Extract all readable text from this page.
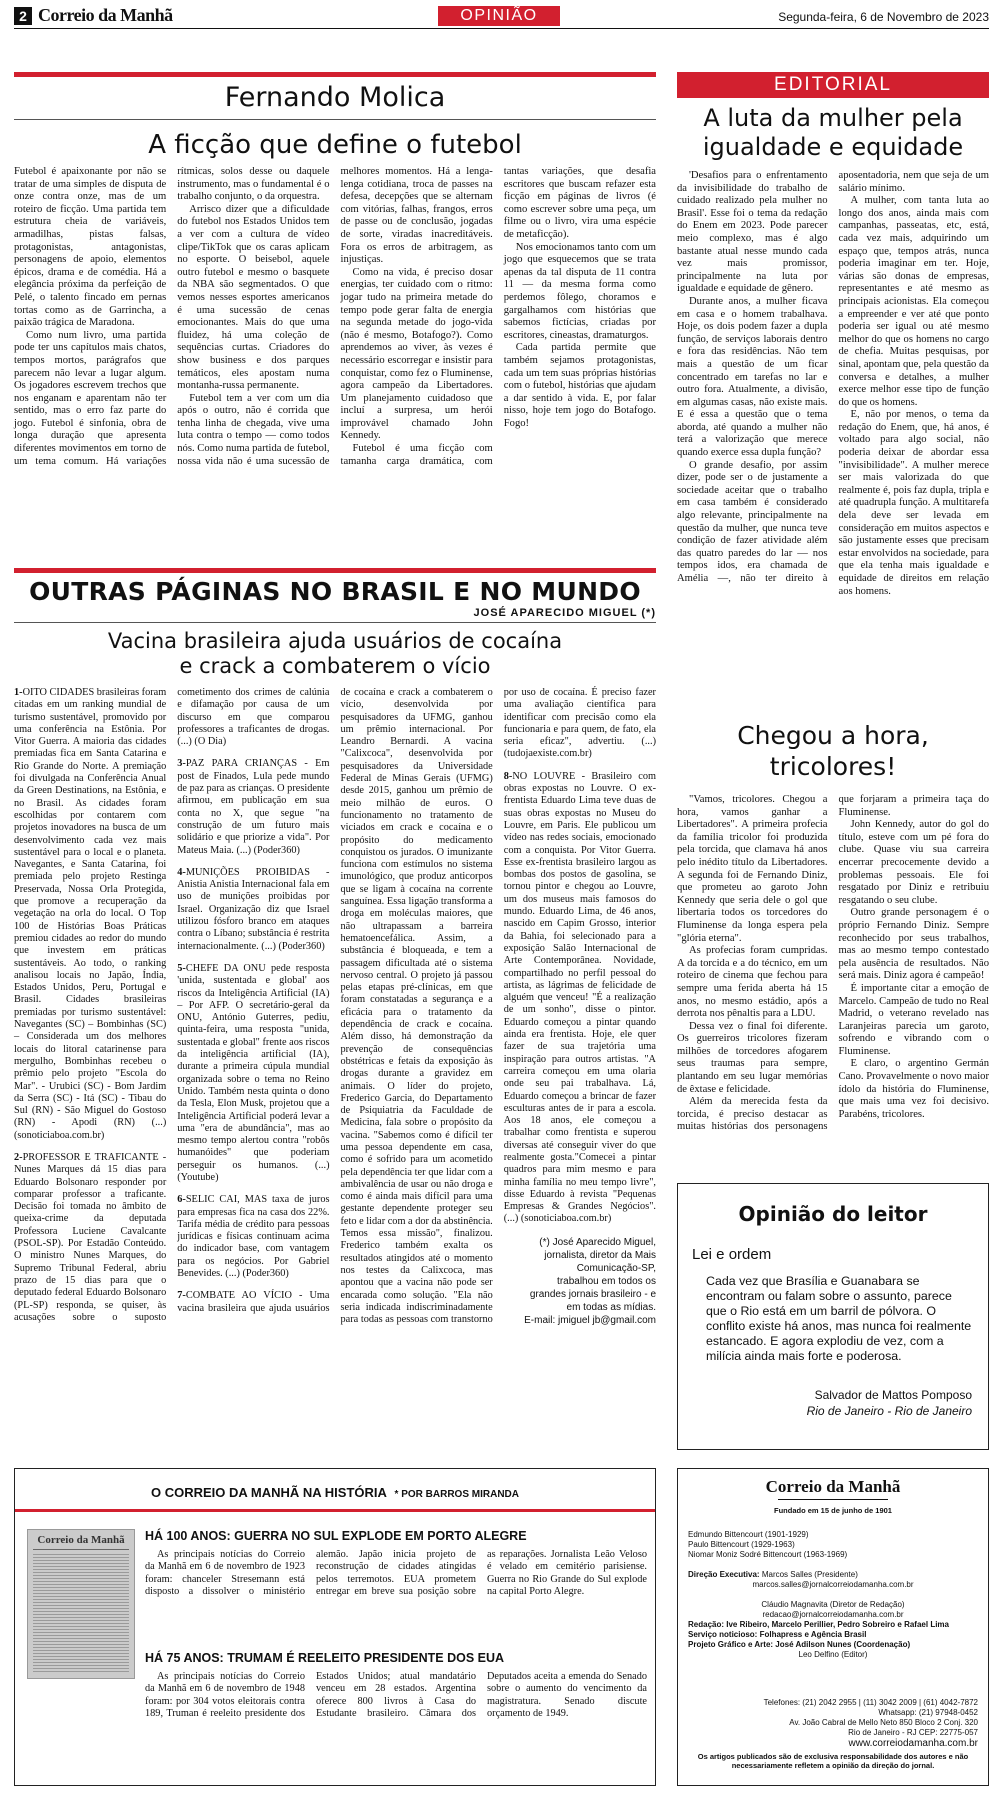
2 Correio da Manhã	OPINIÃO	Segunda-feira, 6 de Novembro de 2023
Fernando Molica
A ficção que define o futebol

Futebol é apaixonante por não se tratar de uma simples de disputa de onze contra onze, mas de um roteiro de ficção. Uma partida tem estrutura cheia de variáveis, armadilhas, pistas falsas, protagonistas, antagonistas, personagens de apoio, elementos épicos, drama e de comédia. Há a elegância próxima da perfeição de Pelé, o talento fincado em pernas tortas como as de Garrincha, a paixão trágica de Maradona.

Como num livro, uma partida pode ter uns capítulos mais chatos, tempos mortos, parágrafos que parecem não levar a lugar algum. Os jogadores escrevem trechos que nos enganam e aparentam não ter sentido, mas o erro faz parte do jogo. Futebol é sinfonia, obra de longa duração que apresenta diferentes movimentos em torno de um tema comum. Há variações rítmicas, solos desse ou daquele instrumento, mas o fundamental é o trabalho conjunto, o da orquestra.

Arrisco dizer que a dificuldade do futebol nos Estados Unidos tem a ver com a cultura de vídeo clipe/TikTok que os caras aplicam no esporte. O beisebol, aquele outro futebol e mesmo o basquete da NBA são segmentados. O que vemos nesses esportes americanos é uma sucessão de cenas emocionantes. Mais do que uma fluidez, há uma coleção de sequências curtas. Criadores do show business e dos parques temáticos, eles apostam numa montanha-russa permanente.

Futebol tem a ver com um dia após o outro, não é corrida que tenha linha de chegada, vive uma luta contra o tempo — como todos nós. Como numa partida de futebol, nossa vida não é uma sucessão de melhores momentos. Há a lenga-lenga cotidiana, troca de passes na defesa, decepções que se alternam com vitórias, falhas, frangos, erros de passe ou de conclusão, jogadas de sorte, viradas inacreditáveis. Fora os erros de arbitragem, as injustiças.

Como na vida, é preciso dosar energias, ter cuidado com o ritmo: jogar tudo na primeira metade do tempo pode gerar falta de energia na segunda metade do jogo-vida (não é mesmo, Botafogo?). Como aprendemos ao viver, às vezes é necessário escorregar e insistir para conquistar, como fez o Fluminense, agora campeão da Libertadores. Um planejamento cuidadoso que incluí a surpresa, um herói improvável chamado John Kennedy.

Futebol é uma ficção com tamanha carga dramática, com tantas variações, que desafia escritores que buscam refazer esta ficção em páginas de livros (é como escrever sobre uma peça, um filme ou o livro, vira uma espécie de metaficção).

Nos emocionamos tanto com um jogo que esquecemos que se trata apenas da tal disputa de 11 contra 11 — da mesma forma como perdemos fôlego, choramos e gargalhamos com histórias que sabemos fictícias, criadas por escritores, cineastas, dramaturgos.

Cada partida permite que também sejamos protagonistas, cada um tem suas próprias histórias com o futebol, histórias que ajudam a dar sentido à vida. E, por falar nisso, hoje tem jogo do Botafogo. Fogo!

EDITORIAL
A luta da mulher pela igualdade e equidade

'Desafios para o enfrentamento da invisibilidade do trabalho de cuidado realizado pela mulher no Brasil'. Esse foi o tema da redação do Enem em 2023. Pode parecer meio complexo, mas é algo bastante atual nesse mundo cada vez mais promissor, principalmente na luta por igualdade e equidade de gênero.

Durante anos, a mulher ficava em casa e o homem trabalhava. Hoje, os dois podem fazer a dupla função, de serviços laborais dentro e fora das residências. Não tem mais a questão de um ficar concentrado em tarefas no lar e outro fora. Atualmente, a divisão, em algumas casas, não existe mais. E é essa a questão que o tema aborda, até quando a mulher não terá a valorização que merece quando exerce essa dupla função?

O grande desafio, por assim dizer, pode ser o de justamente a sociedade aceitar que o trabalho em casa também é considerado algo relevante, principalmente na questão da mulher, que nunca teve condição de fazer atividade além das quatro paredes do lar — nos tempos idos, era chamada de Amélia —, não ter direito à aposentadoria, nem que seja de um salário mínimo.

A mulher, com tanta luta ao longo dos anos, ainda mais com campanhas, passeatas, etc, está, cada vez mais, adquirindo um espaço que, tempos atrás, nunca poderia imaginar em ter. Hoje, várias são donas de empresas, representantes e até mesmo as principais acionistas. Ela começou a empreender e ver até que ponto poderia ser igual ou até mesmo melhor do que os homens no cargo de chefia. Muitas pesquisas, por sinal, apontam que, pela questão da conversa e detalhes, a mulher exerce melhor esse tipo de função do que os homens.

E, não por menos, o tema da redação do Enem, que, há anos, é voltado para algo social, não poderia deixar de abordar essa "invisibilidade". A mulher merece ser mais valorizada do que realmente é, pois faz dupla, tripla e até quadrupla função. A multitarefa dela deve ser levada em consideração em muitos aspectos e são justamente esses que precisam estar envolvidos na sociedade, para que ela tenha mais igualdade e equidade de direitos em relação aos homens.

OUTRAS PÁGINAS NO BRASIL E NO MUNDO
JOSÉ APARECIDO MIGUEL (*)
Vacina brasileira ajuda usuários de cocaína
e crack a combaterem o vício

1-OITO CIDADES brasileiras foram citadas em um ranking mundial de turismo sustentável, promovido por uma conferência na Estônia. Por Vitor Guerra. A maioria das cidades premiadas fica em Santa Catarina e Rio Grande do Norte. A premiação foi divulgada na Conferência Anual da Green Destinations, na Estônia, e no Brasil. As cidades foram escolhidas por contarem com projetos inovadores na busca de um desenvolvimento cada vez mais sustentável para o local e o planeta. Navegantes, e Santa Catarina, foi premiada pelo projeto Restinga Preservada, Nossa Orla Protegida, que promove a recuperação da vegetação na orla do local. O Top 100 de Histórias Boas Práticas premiou cidades ao redor do mundo que investem em práticas sustentáveis. Ao todo, o ranking analisou locais no Japão, Índia, Estados Unidos, Peru, Portugal e Brasil. Cidades brasileiras premiadas por turismo sustentável: Navegantes (SC) – Bombinhas (SC) – Considerada um dos melhores locais do litoral catarinense para mergulho, Bombinhas recebeu o prêmio pelo projeto "Escola do Mar". - Urubici (SC) - Bom Jardim da Serra (SC) - Itá (SC) - Tibau do Sul (RN) - São Miguel do Gostoso (RN) - Apodi (RN) (...) (sonoticiaboa.com.br)

2-PROFESSOR E TRAFICANTE - Nunes Marques dá 15 dias para Eduardo Bolsonaro responder por comparar professor a traficante. Decisão foi tomada no âmbito de queixa-crime da deputada Professora Luciene Cavalcante (PSOL-SP). Por Estadão Conteúdo. O ministro Nunes Marques, do Supremo Tribunal Federal, abriu prazo de 15 dias para que o deputado federal Eduardo Bolsonaro (PL-SP) responda, se quiser, às acusações sobre o suposto cometimento dos crimes de calúnia e difamação por causa de um discurso em que comparou professores a traficantes de drogas. (...) (O Dia)

3-PAZ PARA CRIANÇAS - Em post de Finados, Lula pede mundo de paz para as crianças. O presidente afirmou, em publicação em sua conta no X, que segue "na construção de um futuro mais solidário e que priorize a vida". Por Mateus Maia. (...) (Poder360)

4-MUNIÇÕES PROIBIDAS - Anistia Anistia Internacional fala em uso de munições proibidas por Israel. Organização diz que Israel utilizou fósforo branco em ataques contra o Líbano; substância é restrita internacionalmente. (...) (Poder360)

5-CHEFE DA ONU pede resposta 'unida, sustentada e global' aos riscos da Inteligência Artificial (IA) – Por AFP. O secretário-geral da ONU, António Guterres, pediu, quinta-feira, uma resposta "unida, sustentada e global" frente aos riscos da inteligência artificial (IA), durante a primeira cúpula mundial organizada sobre o tema no Reino Unido. Também nesta quinta o dono da Tesla, Elon Musk, projetou que a Inteligência Artificial poderá levar a uma "era de abundância", mas ao mesmo tempo alertou contra "robôs humanóides" que poderiam perseguir os humanos. (...) (Youtube)

6-SELIC CAI, MAS taxa de juros para empresas fica na casa dos 22%. Tarifa média de crédito para pessoas jurídicas e físicas continuam acima do indicador base, com vantagem para os negócios. Por Gabriel Benevides. (...) (Poder360)

7-COMBATE AO VÍCIO - Uma vacina brasileira que ajuda usuários de cocaína e crack a combaterem o vício, desenvolvida por pesquisadores da UFMG, ganhou um prêmio internacional. Por Leandro Bernardi. A vacina "Calixcoca", desenvolvida por pesquisadores da Universidade Federal de Minas Gerais (UFMG) desde 2015, ganhou um prêmio de meio milhão de euros. O funcionamento no tratamento de viciados em crack e cocaína e o propósito do medicamento conquistou os jurados. O imunizante funciona com estímulos no sistema imunológico, que produz anticorpos que se ligam à cocaína na corrente sanguínea. Essa ligação transforma a droga em moléculas maiores, que não ultrapassam a barreira hematoencefálica. Assim, a substância é bloqueada, e tem a passagem dificultada até o sistema nervoso central. O projeto já passou pelas etapas pré-clínicas, em que foram constatadas a segurança e a eficácia para o tratamento da dependência de crack e cocaína. Além disso, há demonstração da prevenção de consequências obstétricas e fetais da exposição às drogas durante a gravidez em animais. O líder do projeto, Frederico Garcia, do Departamento de Psiquiatria da Faculdade de Medicina, fala sobre o propósito da vacina. "Sabemos como é difícil ter uma pessoa dependente em casa, como é sofrido para um acometido pela dependência ter que lidar com a ambivalência de usar ou não droga e como é ainda mais difícil para uma gestante dependente proteger seu feto e lidar com a dor da abstinência. Temos essa missão", finalizou. Frederico também exalta os resultados atingidos até o momento nos testes da Calixcoca, mas apontou que a vacina não pode ser encarada como solução. "Ela não seria indicada indiscriminadamente para todas as pessoas com transtorno por uso de cocaína. É preciso fazer uma avaliação científica para identificar com precisão como ela funcionaria e para quem, de fato, ela seria eficaz", advertiu. (...) (tudojaexiste.com.br)

8-NO LOUVRE - Brasileiro com obras expostas no Louvre. O ex-frentista Eduardo Lima teve duas de suas obras expostas no Museu do Louvre, em Paris. Ele publicou um vídeo nas redes sociais, emocionado com a conquista. Por Vitor Guerra. Esse ex-frentista brasileiro largou as bombas dos postos de gasolina, se tornou pintor e chegou ao Louvre, um dos museus mais famosos do mundo. Eduardo Lima, de 46 anos, nascido em Capim Grosso, interior da Bahia, foi selecionado para a exposição Salão Internacional de Arte Contemporânea. Novidade, compartilhado no perfil pessoal do artista, as lágrimas de felicidade de alguém que venceu! "É a realização de um sonho", disse o pintor. Eduardo começou a pintar quando ainda era frentista. Hoje, ele quer fazer de sua trajetória uma inspiração para outros artistas. "A carreira começou em uma olaria onde seu pai trabalhava. Lá, Eduardo começou a brincar de fazer esculturas antes de ir para a escola. Aos 18 anos, ele começou a trabalhar como frentista e superou diversas até conseguir viver do que realmente gosta."Comecei a pintar quadros para mim mesmo e para minha família no meu tempo livre", disse Eduardo à revista "Pequenas Empresas & Grandes Negócios". (...) (sonoticiaboa.com.br)

(*) José Aparecido Miguel,
jornalista, diretor da Mais
Comunicação-SP,
trabalhou em todos os
grandes jornais brasileiro - e
em todas as mídias.
E-mail: jmiguel jb@gmail.com
Chegou a hora,
tricolores!

"Vamos, tricolores. Chegou a hora, vamos ganhar a Libertadores". A primeira profecia da família tricolor foi produzida pela torcida, que clamava há anos pelo inédito título da Libertadores. A segunda foi de Fernando Diniz, que prometeu ao garoto John Kennedy que seria dele o gol que libertaria todos os torcedores do Fluminense da longa espera pela "glória eterna".

As profecias foram cumpridas. A da torcida e a do técnico, em um roteiro de cinema que fechou para sempre uma ferida aberta há 15 anos, no mesmo estádio, após a derrota nos pênaltis para a LDU.

Dessa vez o final foi diferente. Os guerreiros tricolores fizeram milhões de torcedores afogarem seus traumas para sempre, plantando em seu lugar memórias de êxtase e felicidade.

Além da merecida festa da torcida, é preciso destacar as muitas histórias dos personagens que forjaram a primeira taça do Fluminense.

John Kennedy, autor do gol do título, esteve com um pé fora do clube. Quase viu sua carreira encerrar precocemente devido a problemas pessoais. Ele foi resgatado por Diniz e retribuiu resgatando o seu clube.

Outro grande personagem é o próprio Fernando Diniz. Sempre reconhecido por seus trabalhos, mas ao mesmo tempo contestado pela ausência de resultados. Não será mais. Diniz agora é campeão!

É importante citar a emoção de Marcelo. Campeão de tudo no Real Madrid, o veterano revelado nas Laranjeiras parecia um garoto, sofrendo e vibrando com o Fluminense.

E claro, o argentino Germán Cano. Provavelmente o novo maior ídolo da história do Fluminense, que mais uma vez foi decisivo. Parabéns, tricolores.

Opinião do leitor
Lei e ordem
Cada vez que Brasília e Guanabara se encontram ou falam sobre o assunto, parece que o Rio está em um barril de pólvora. O conflito existe há anos, mas nunca foi realmente estancado. E agora explodiu de vez, com a milícia ainda mais forte e poderosa.
Salvador de Mattos Pomposo
Rio de Janeiro - Rio de Janeiro
O CORREIO DA MANHÃ NA HISTÓRIA * POR BARROS MIRANDA
Correio da Manhã	HÁ 100 ANOS: GUERRA NO SUL EXPLODE EM PORTO ALEGRE

As principais notícias do Correio da Manhã em 6 de novembro de 1923 foram: chanceler Stresemann está disposto a dissolver o ministério alemão. Japão inicia projeto de reconstrução de cidades atingidas pelos terremotos. EUA prometem entregar em breve sua posição sobre as reparações. Jornalista Leão Veloso é velado em cemitério parisiense. Guerra no Rio Grande do Sul explode na capital Porto Alegre.

HÁ 75 ANOS: TRUMAM É REELEITO PRESIDENTE DOS EUA

As principais notícias do Correio da Manhã em 6 de novembro de 1948 foram: por 304 votos eleitorais contra 189, Truman é reeleito presidente dos Estados Unidos; atual mandatário venceu em 28 estados. Argentina oferece 800 livros à Casa do Estudante brasileiro. Câmara dos Deputados aceita a emenda do Senado sobre o aumento do vencimento da magistratura. Senado discute orçamento de 1949.

Correio da Manhã
Fundado em 15 de junho de 1901
Edmundo Bittencourt (1901-1929)
Paulo Bittencourt (1929-1963)
Niomar Moniz Sodré Bittencourt (1963-1969)
Direção Executiva: Marcos Salles (Presidente)
marcos.salles@jornalcorreiodamanha.com.br
Cláudio Magnavita (Diretor de Redação)
redacao@jornalcorreiodamanha.com.br
Redação: Ive Ribeiro, Marcelo Perillier, Pedro Sobreiro e Rafael Lima
Serviço noticioso: Folhapress e Agência Brasil
Projeto Gráfico e Arte: José Adilson Nunes (Coordenação)
Leo Delfino (Editor)
Telefones: (21) 2042 2955 | (11) 3042 2009 | (61) 4042-7872
Whatsapp: (21) 97948-0452
Av. João Cabral de Mello Neto 850 Bloco 2 Conj. 320
Rio de Janeiro - RJ CEP: 22775-057
www.correiodamanha.com.br
Os artigos publicados são de exclusiva responsabilidade dos autores e não necessariamente refletem a opinião da direção do jornal.
